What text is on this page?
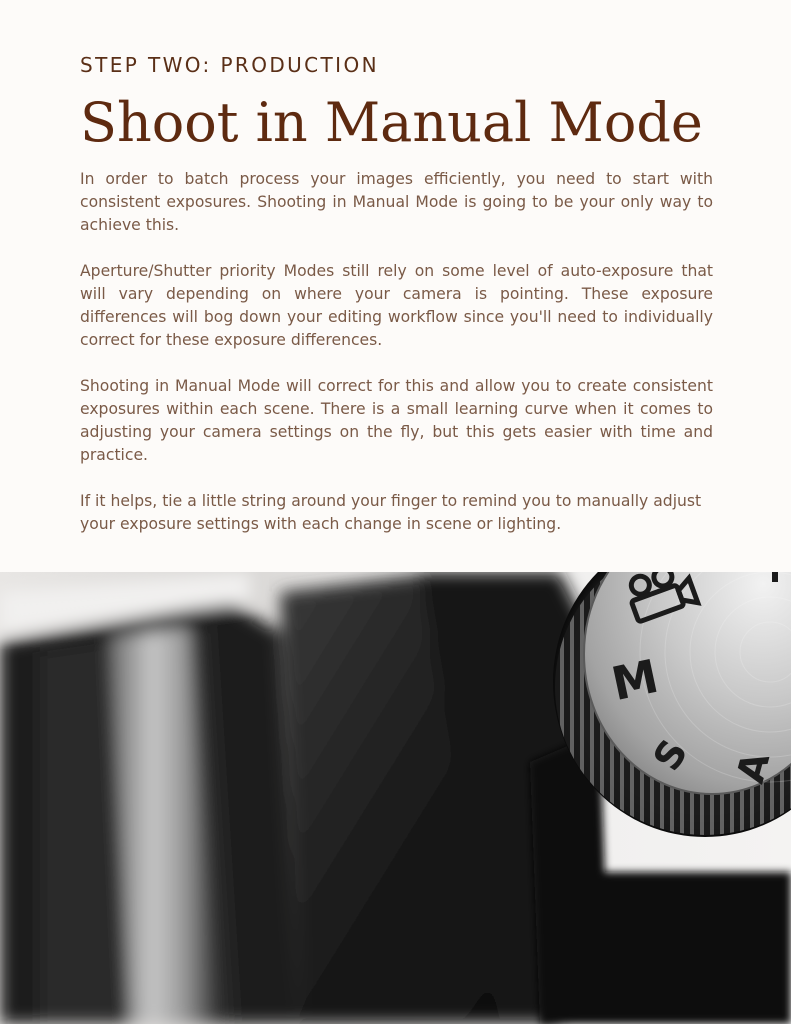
STEP TWO: PRODUCTION

Shoot in Manual Mode

In order to batch process your images efficiently, you need to start with consistent exposures. Shooting in Manual Mode is going to be your only way to achieve this.

Aperture/Shutter priority Modes still rely on some level of auto-exposure that will vary depending on where your camera is pointing. These exposure differences will bog down your editing workflow since you'll need to individually correct for these exposure differences.

Shooting in Manual Mode will correct for this and allow you to create consistent exposures within each scene. There is a small learning curve when it comes to adjusting your camera settings on the fly, but this gets easier with time and practice.

If it helps, tie a little string around your finger to remind you to manually adjust your exposure settings with each change in scene or lighting.

M
S A
